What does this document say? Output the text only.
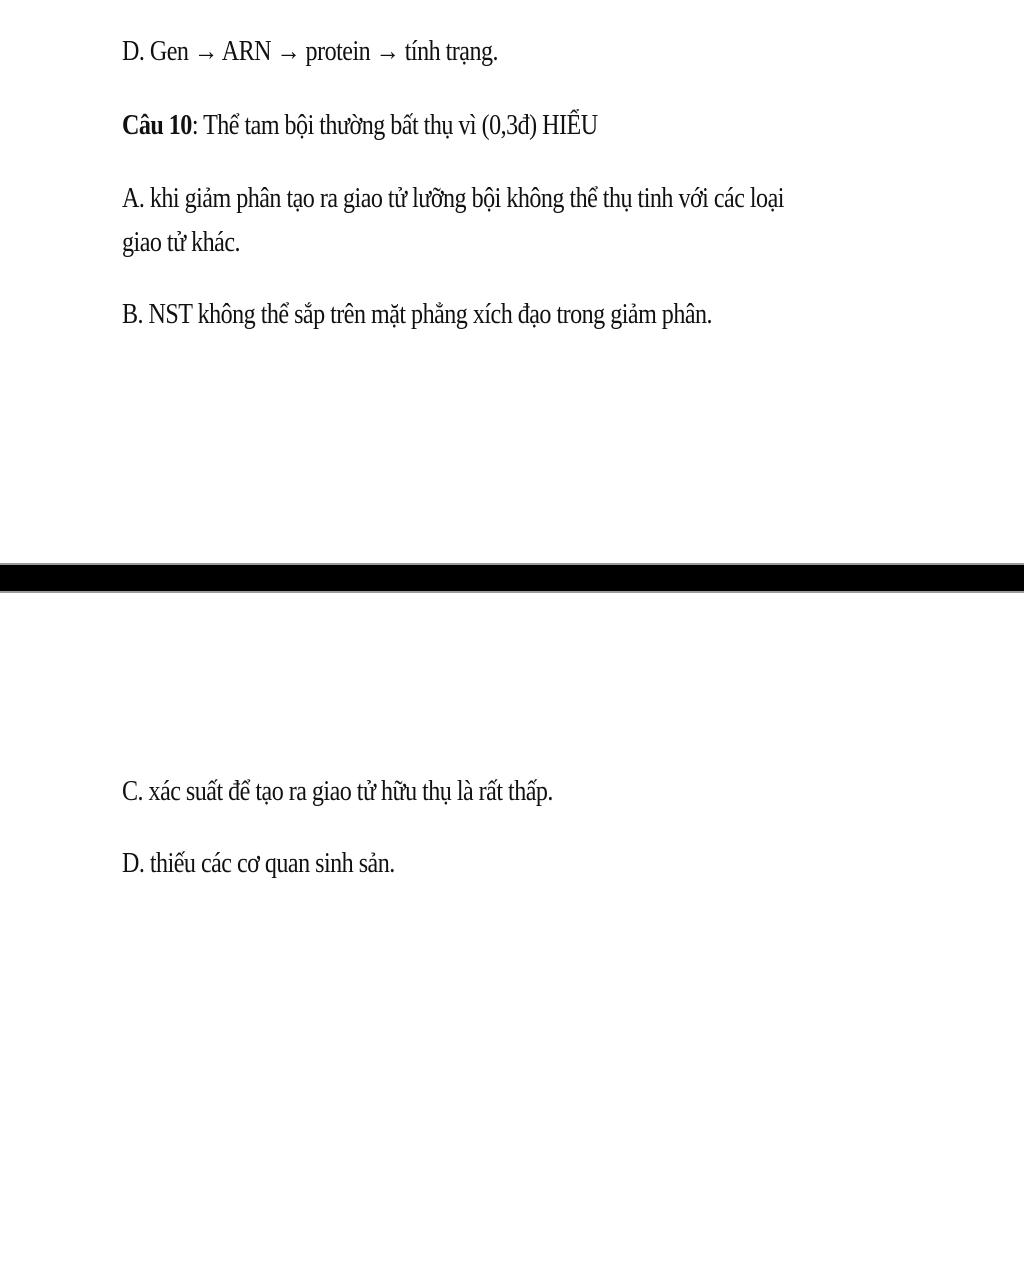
D. Gen → ARN → protein → tính trạng.

Câu 10: Thể tam bội thường bất thụ vì (0,3đ) HIỂU

A. khi giảm phân tạo ra giao tử lưỡng bội không thể thụ tinh với các loại

giao tử khác.

B. NST không thể sắp trên mặt phẳng xích đạo trong giảm phân.

C. xác suất để tạo ra giao tử hữu thụ là rất thấp.

D. thiếu các cơ quan sinh sản.
